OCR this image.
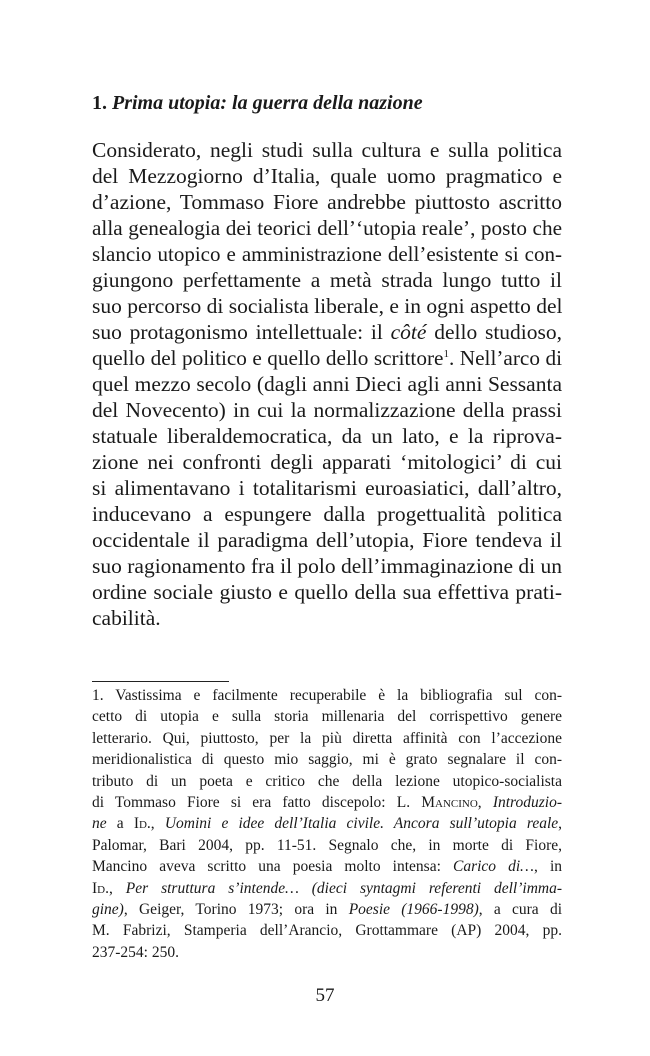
1. Prima utopia: la guerra della nazione

Considerato, negli studi sulla cultura e sulla politica
del Mezzogiorno d’Italia, quale uomo pragmatico e
d’azione, Tommaso Fiore andrebbe piuttosto ascritto
alla genealogia dei teorici dell’‘utopia reale’, posto che
slancio utopico e amministrazione dell’esistente si con-
giungono perfettamente a metà strada lungo tutto il
suo percorso di socialista liberale, e in ogni aspetto del
suo protagonismo intellettuale: il côté dello studioso,
quello del politico e quello dello scrittore$^1$. Nell’arco di
quel mezzo secolo (dagli anni Dieci agli anni Sessanta
del Novecento) in cui la normalizzazione della prassi
statuale liberaldemocratica, da un lato, e la riprova-
zione nei confronti degli apparati ‘mitologici’ di cui
si alimentavano i totalitarismi euroasiatici, dall’altro,
inducevano a espungere dalla progettualità politica
occidentale il paradigma dell’utopia, Fiore tendeva il
suo ragionamento fra il polo dell’immaginazione di un
ordine sociale giusto e quello della sua effettiva prati-
cabilità.

1. Vastissima e facilmente recuperabile è la bibliografia sul con-
cetto di utopia e sulla storia millenaria del corrispettivo genere
letterario. Qui, piuttosto, per la più diretta affinità con l’accezione
meridionalistica di questo mio saggio, mi è grato segnalare il con-
tributo di un poeta e critico che della lezione utopico-socialista
di Tommaso Fiore si era fatto discepolo: L. Mancino, Introduzio-
ne a Id., Uomini e idee dell’Italia civile. Ancora sull’utopia reale,
Palomar, Bari 2004, pp. 11-51. Segnalo che, in morte di Fiore,
Mancino aveva scritto una poesia molto intensa: Carico di…, in
Id., Per struttura s’intende… (dieci syntagmi referenti dell’imma-
gine), Geiger, Torino 1973; ora in Poesie (1966-1998), a cura di
M. Fabrizi, Stamperia dell’Arancio, Grottammare (AP) 2004, pp.
237-254: 250.

57
